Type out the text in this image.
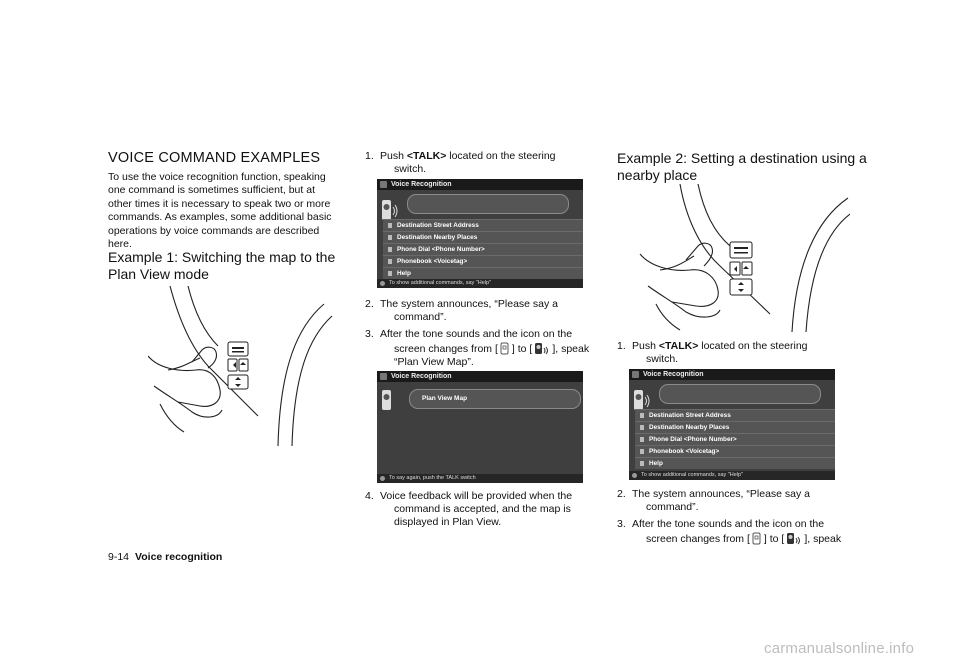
VOICE COMMAND EXAMPLES
To use the voice recognition function, speaking
one command is sometimes sufficient, but at
other times it is necessary to speak two or more
commands. As examples, some additional basic
operations by voice commands are described
here.
Example 1: Switching the map to the
Plan View mode
1. Push <TALK> located on the steering
switch.
Voice Recognition
Destination Street Address
Destination Nearby Places
Phone Dial <Phone Number>
Phonebook <Voicetag>
Help
To show additional commands, say "Help"
2. The system announces, “Please say a
command”.
3. After the tone sounds and the icon on the
screen changes from [ ] to [ ], speak
“Plan View Map”.
Voice Recognition
Plan View Map
To say again, push the TALK switch
4. Voice feedback will be provided when the
command is accepted, and the map is
displayed in Plan View.
Example 2: Setting a destination using a
nearby place
1. Push <TALK> located on the steering
switch.
Voice Recognition
Destination Street Address
Destination Nearby Places
Phone Dial <Phone Number>
Phonebook <Voicetag>
Help
To show additional commands, say "Help"
2. The system announces, “Please say a
command”.
3. After the tone sounds and the icon on the
screen changes from [ ] to [ ], speak
9-14 Voice recognition
carmanualsonline.info
